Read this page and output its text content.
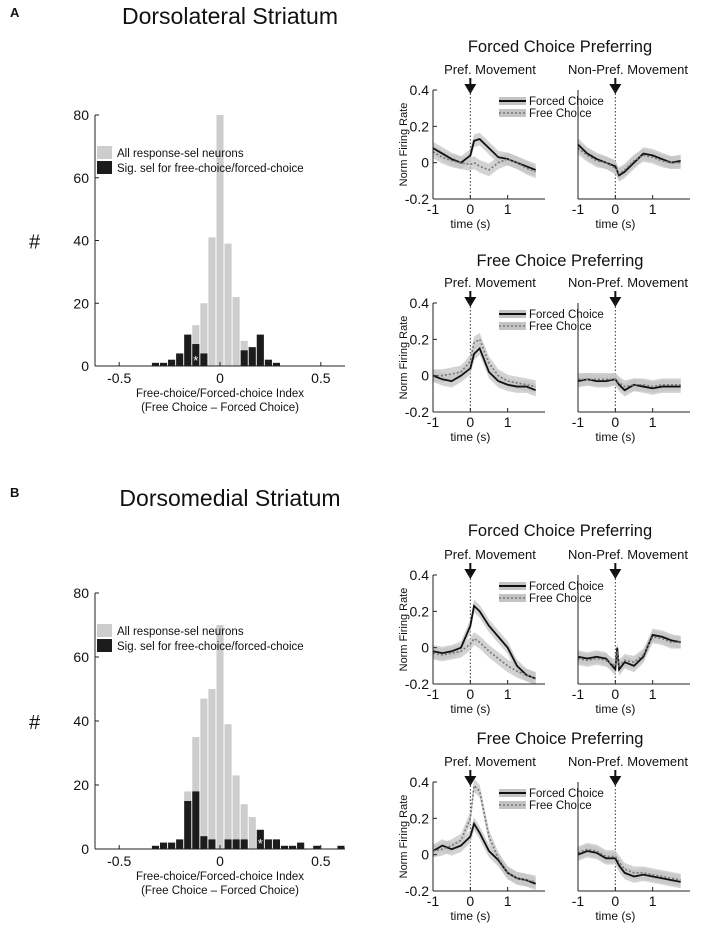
A
B
Dorsolateral Striatum
*
0
20
40
60
80
-0.5	0	0.5
Free-choice/Forced-choice Index
(Free Choice – Forced Choice)
#
All response-sel neurons
Sig. sel for free-choice/forced-choice
Dorsomedial Striatum
*
0
20
40
60
80
-0.5	0	0.5
Free-choice/Forced-choice Index
(Free Choice – Forced Choice)
#
All response-sel neurons
Sig. sel for free-choice/forced-choice
Forced Choice Preferring
Norm Firing Rate
Pref. Movement
-0.2
0
0.2
0.4
-1 0 1
time (s)
Forced Choice
Free Choice
Non-Pref. Movement
-1 0 1
time (s)
Free Choice Preferring
Norm Firing Rate
Pref. Movement
-0.2
0
0.2
0.4
-1 0 1
time (s)
Forced Choice
Free Choice
Non-Pref. Movement
-1 0 1
time (s)
Forced Choice Preferring
Norm Firing Rate
Pref. Movement
-0.2
0
0.2
0.4
-1 0 1
time (s)
Forced Choice
Free Choice
Non-Pref. Movement
-1 0 1
time (s)
Free Choice Preferring
Norm Firing Rate
Pref. Movement
-0.2
0
0.2
0.4
-1 0 1
time (s)
Forced Choice
Free Choice
Non-Pref. Movement
-1 0 1
time (s)
